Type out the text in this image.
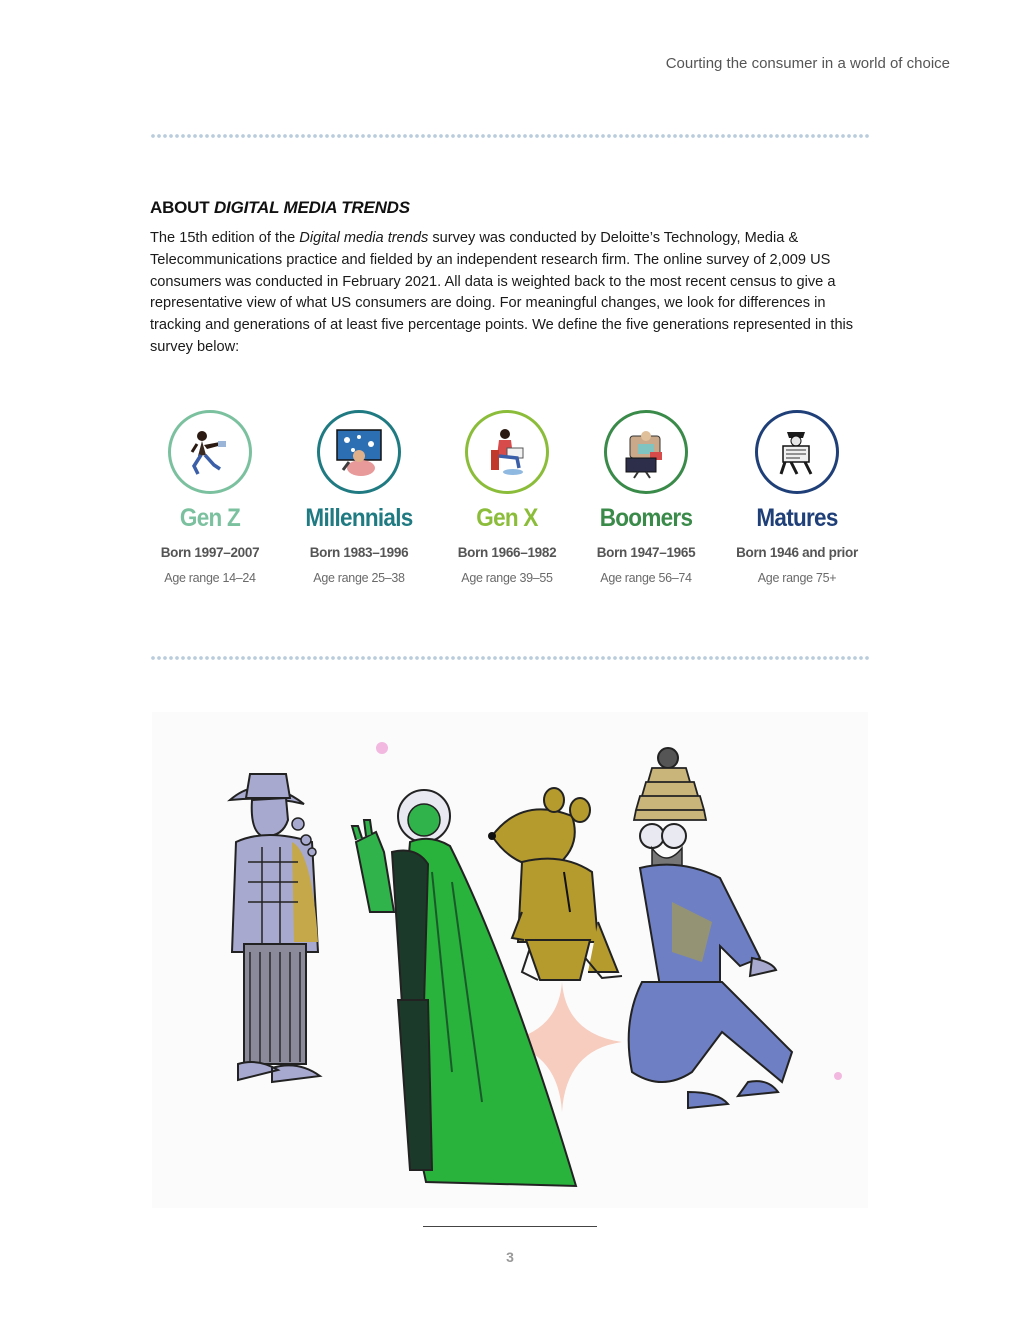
Courting the consumer in a world of choice
ABOUT DIGITAL MEDIA TRENDS
The 15th edition of the Digital media trends survey was conducted by Deloitte’s Technology, Media & Telecommunications practice and fielded by an independent research firm. The online survey of 2,009 US consumers was conducted in February 2021. All data is weighted back to the most recent census to give a representative view of what US consumers are doing. For meaningful changes, we look for differences in tracking and generations of at least five percentage points. We define the five generations represented in this survey below:
Gen Z
Born 1997–2007
Age range 14–24
Millennials
Born 1983–1996
Age range 25–38
Gen X
Born 1966–1982
Age range 39–55
Boomers
Born 1947–1965
Age range 56–74
Matures
Born 1946 and prior
Age range 75+
3
